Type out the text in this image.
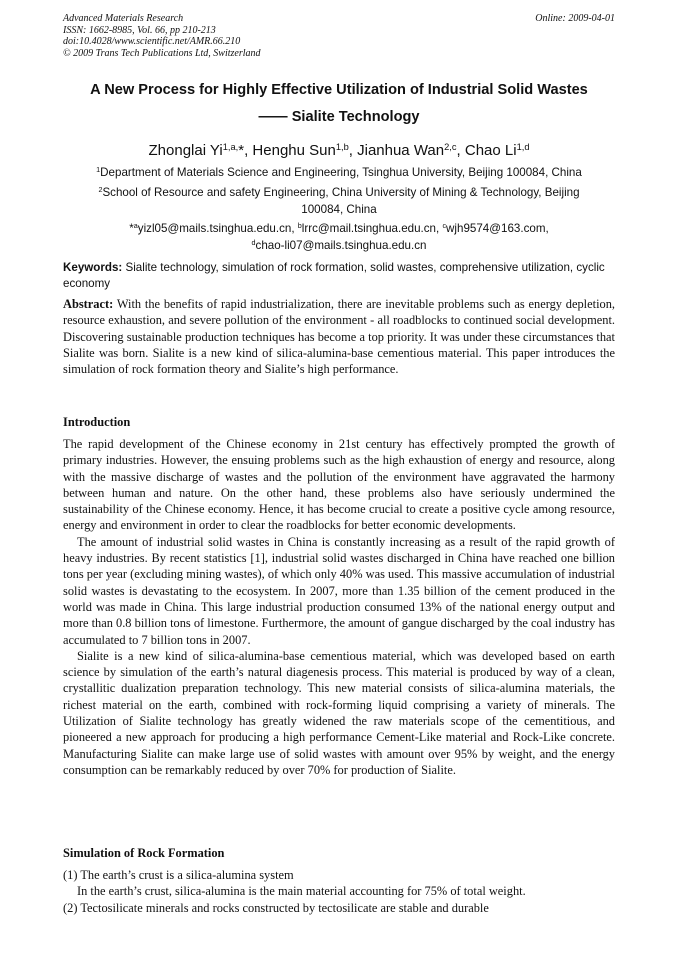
Advanced Materials Research
ISSN: 1662-8985, Vol. 66, pp 210-213
doi:10.4028/www.scientific.net/AMR.66.210
© 2009 Trans Tech Publications Ltd, Switzerland
Online: 2009-04-01
A New Process for Highly Effective Utilization of Industrial Solid Wastes
—— Sialite Technology
Zhonglai $Yi^{1,a,}*$, Henghu Sun$^{1,b}$, Jianhua Wan$^{2,c}$, Chao Li$^{1,d}$
$^1$Department of Materials Science and Engineering, Tsinghua University, Beijing 100084, China
$^2$School of Resource and safety Engineering, China University of Mining & Technology, Beijing
100084, China
*$^a$yizl05@mails.tsinghua.edu.cn, $^b$lrrc@mail.tsinghua.edu.cn, $^c$wjh9574@163.com,
$^d$chao-li07@mails.tsinghua.edu.cn
Keywords: Sialite technology, simulation of rock formation, solid wastes, comprehensive utilization, cyclic economy

Abstract: With the benefits of rapid industrialization, there are inevitable problems such as energy depletion, resource exhaustion, and severe pollution of the environment - all roadblocks to continued social development. Discovering sustainable production techniques has become a top priority. It was under these circumstances that Sialite was born. Sialite is a new kind of silica-alumina-base cementious material. This paper introduces the simulation of rock formation theory and Sialite’s high performance.

Introduction

The rapid development of the Chinese economy in 21st century has effectively prompted the growth of primary industries. However, the ensuing problems such as the high exhaustion of energy and resource, along with the massive discharge of wastes and the pollution of the environment have aggravated the harmony between human and nature. On the other hand, these problems also have seriously undermined the sustainability of the Chinese economy. Hence, it has become crucial to create a positive cycle among resource, energy and environment in order to clear the roadblocks for better economic developments.

The amount of industrial solid wastes in China is constantly increasing as a result of the rapid growth of heavy industries. By recent statistics [1], industrial solid wastes discharged in China have reached one billion tons per year (excluding mining wastes), of which only 40% was used. This massive accumulation of industrial solid wastes is devastating to the ecosystem. In 2007, more than 1.35 billion of the cement produced in the world was made in China. This large industrial production consumed 13% of the national energy output and more than 0.8 billion tons of limestone. Furthermore, the amount of gangue discharged by the coal industry has accumulated to 7 billion tons in 2007.

Sialite is a new kind of silica-alumina-base cementious material, which was developed based on earth science by simulation of the earth’s natural diagenesis process. This material is produced by way of a clean, crystallitic dualization preparation technology. This new material consists of silica-alumina materials, the richest material on the earth, combined with rock-forming liquid comprising a variety of minerals. The Utilization of Sialite technology has greatly widened the raw materials scope of the cementitious, and pioneered a new approach for producing a high performance Cement-Like material and Rock-Like concrete. Manufacturing Sialite can make large use of solid wastes with amount over 95% by weight, and the energy consumption can be remarkably reduced by over 70% for production of Sialite.

Simulation of Rock Formation
(1) The earth’s crust is a silica-alumina system
In the earth’s crust, silica-alumina is the main material accounting for 75% of total weight.
(2) Tectosilicate minerals and rocks constructed by tectosilicate are stable and durable
